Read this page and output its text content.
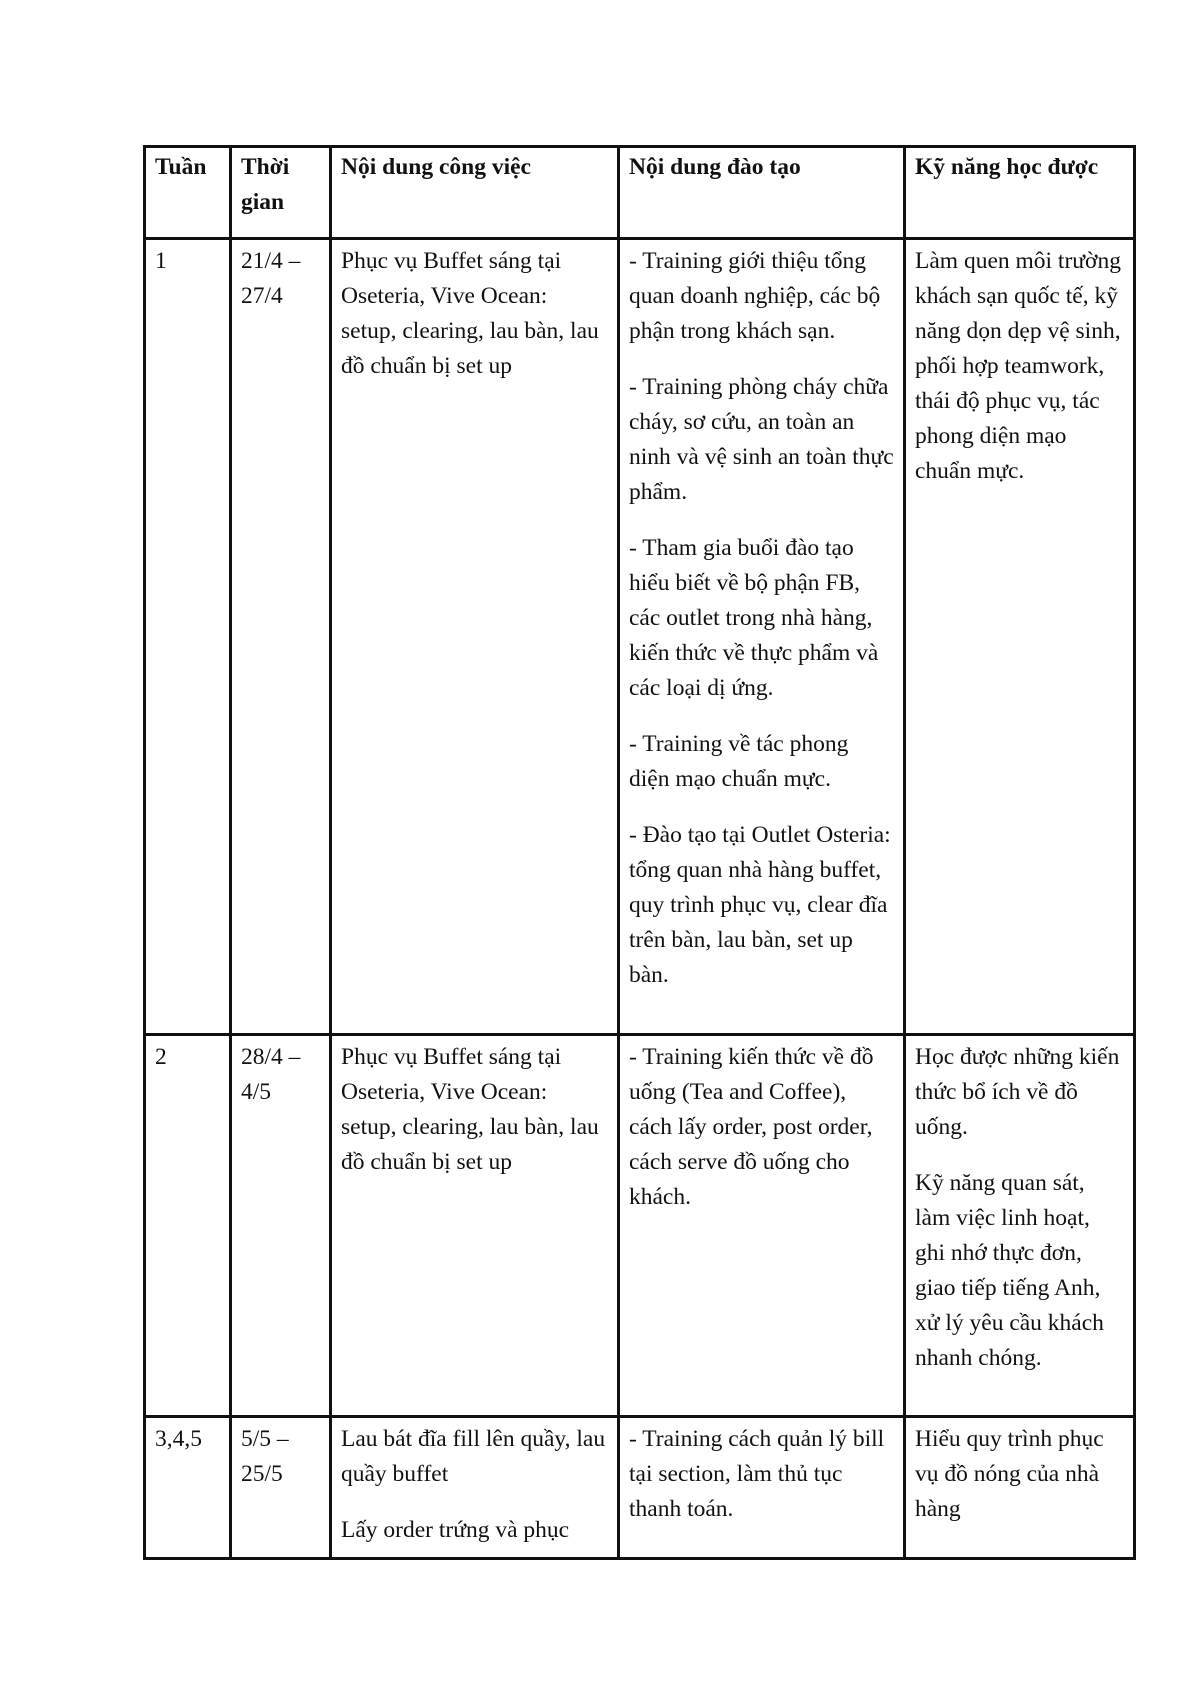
Tuần	Thời gian	Nội dung công việc	Nội dung đào tạo	Kỹ năng học được
1	21/4 – 27/4	Phục vụ Buffet sáng tại Oseteria, Vive Ocean: setup, clearing, lau bàn, lau đồ chuẩn bị set up	- Training giới thiệu tổng quan doanh nghiệp, các bộ phận trong khách sạn.

- Training phòng cháy chữa cháy, sơ cứu, an toàn an ninh và vệ sinh an toàn thực phẩm.

- Tham gia buổi đào tạo hiểu biết về bộ phận FB, các outlet trong nhà hàng, kiến thức về thực phẩm và các loại dị ứng.

- Training về tác phong diện mạo chuẩn mực.

- Đào tạo tại Outlet Osteria: tổng quan nhà hàng buffet, quy trình phục vụ, clear đĩa trên bàn, lau bàn, set up bàn.	Làm quen môi trường khách sạn quốc tế, kỹ năng dọn dẹp vệ sinh, phối hợp teamwork, thái độ phục vụ, tác phong diện mạo chuẩn mực.

2	28/4 – 4/5	Phục vụ Buffet sáng tại Oseteria, Vive Ocean: setup, clearing, lau bàn, lau đồ chuẩn bị set up	- Training kiến thức về đồ uống (Tea and Coffee), cách lấy order, post order, cách serve đồ uống cho khách.	Học được những kiến thức bổ ích về đồ uống.

Kỹ năng quan sát, làm việc linh hoạt, ghi nhớ thực đơn, giao tiếp tiếng Anh, xử lý yêu cầu khách nhanh chóng.

3,4,5	5/5 – 25/5	Lau bát đĩa fill lên quầy, lau quầy buffet

Lấy order trứng và phục	- Training cách quản lý bill tại section, làm thủ tục thanh toán.	Hiểu quy trình phục vụ đồ nóng của nhà hàng
